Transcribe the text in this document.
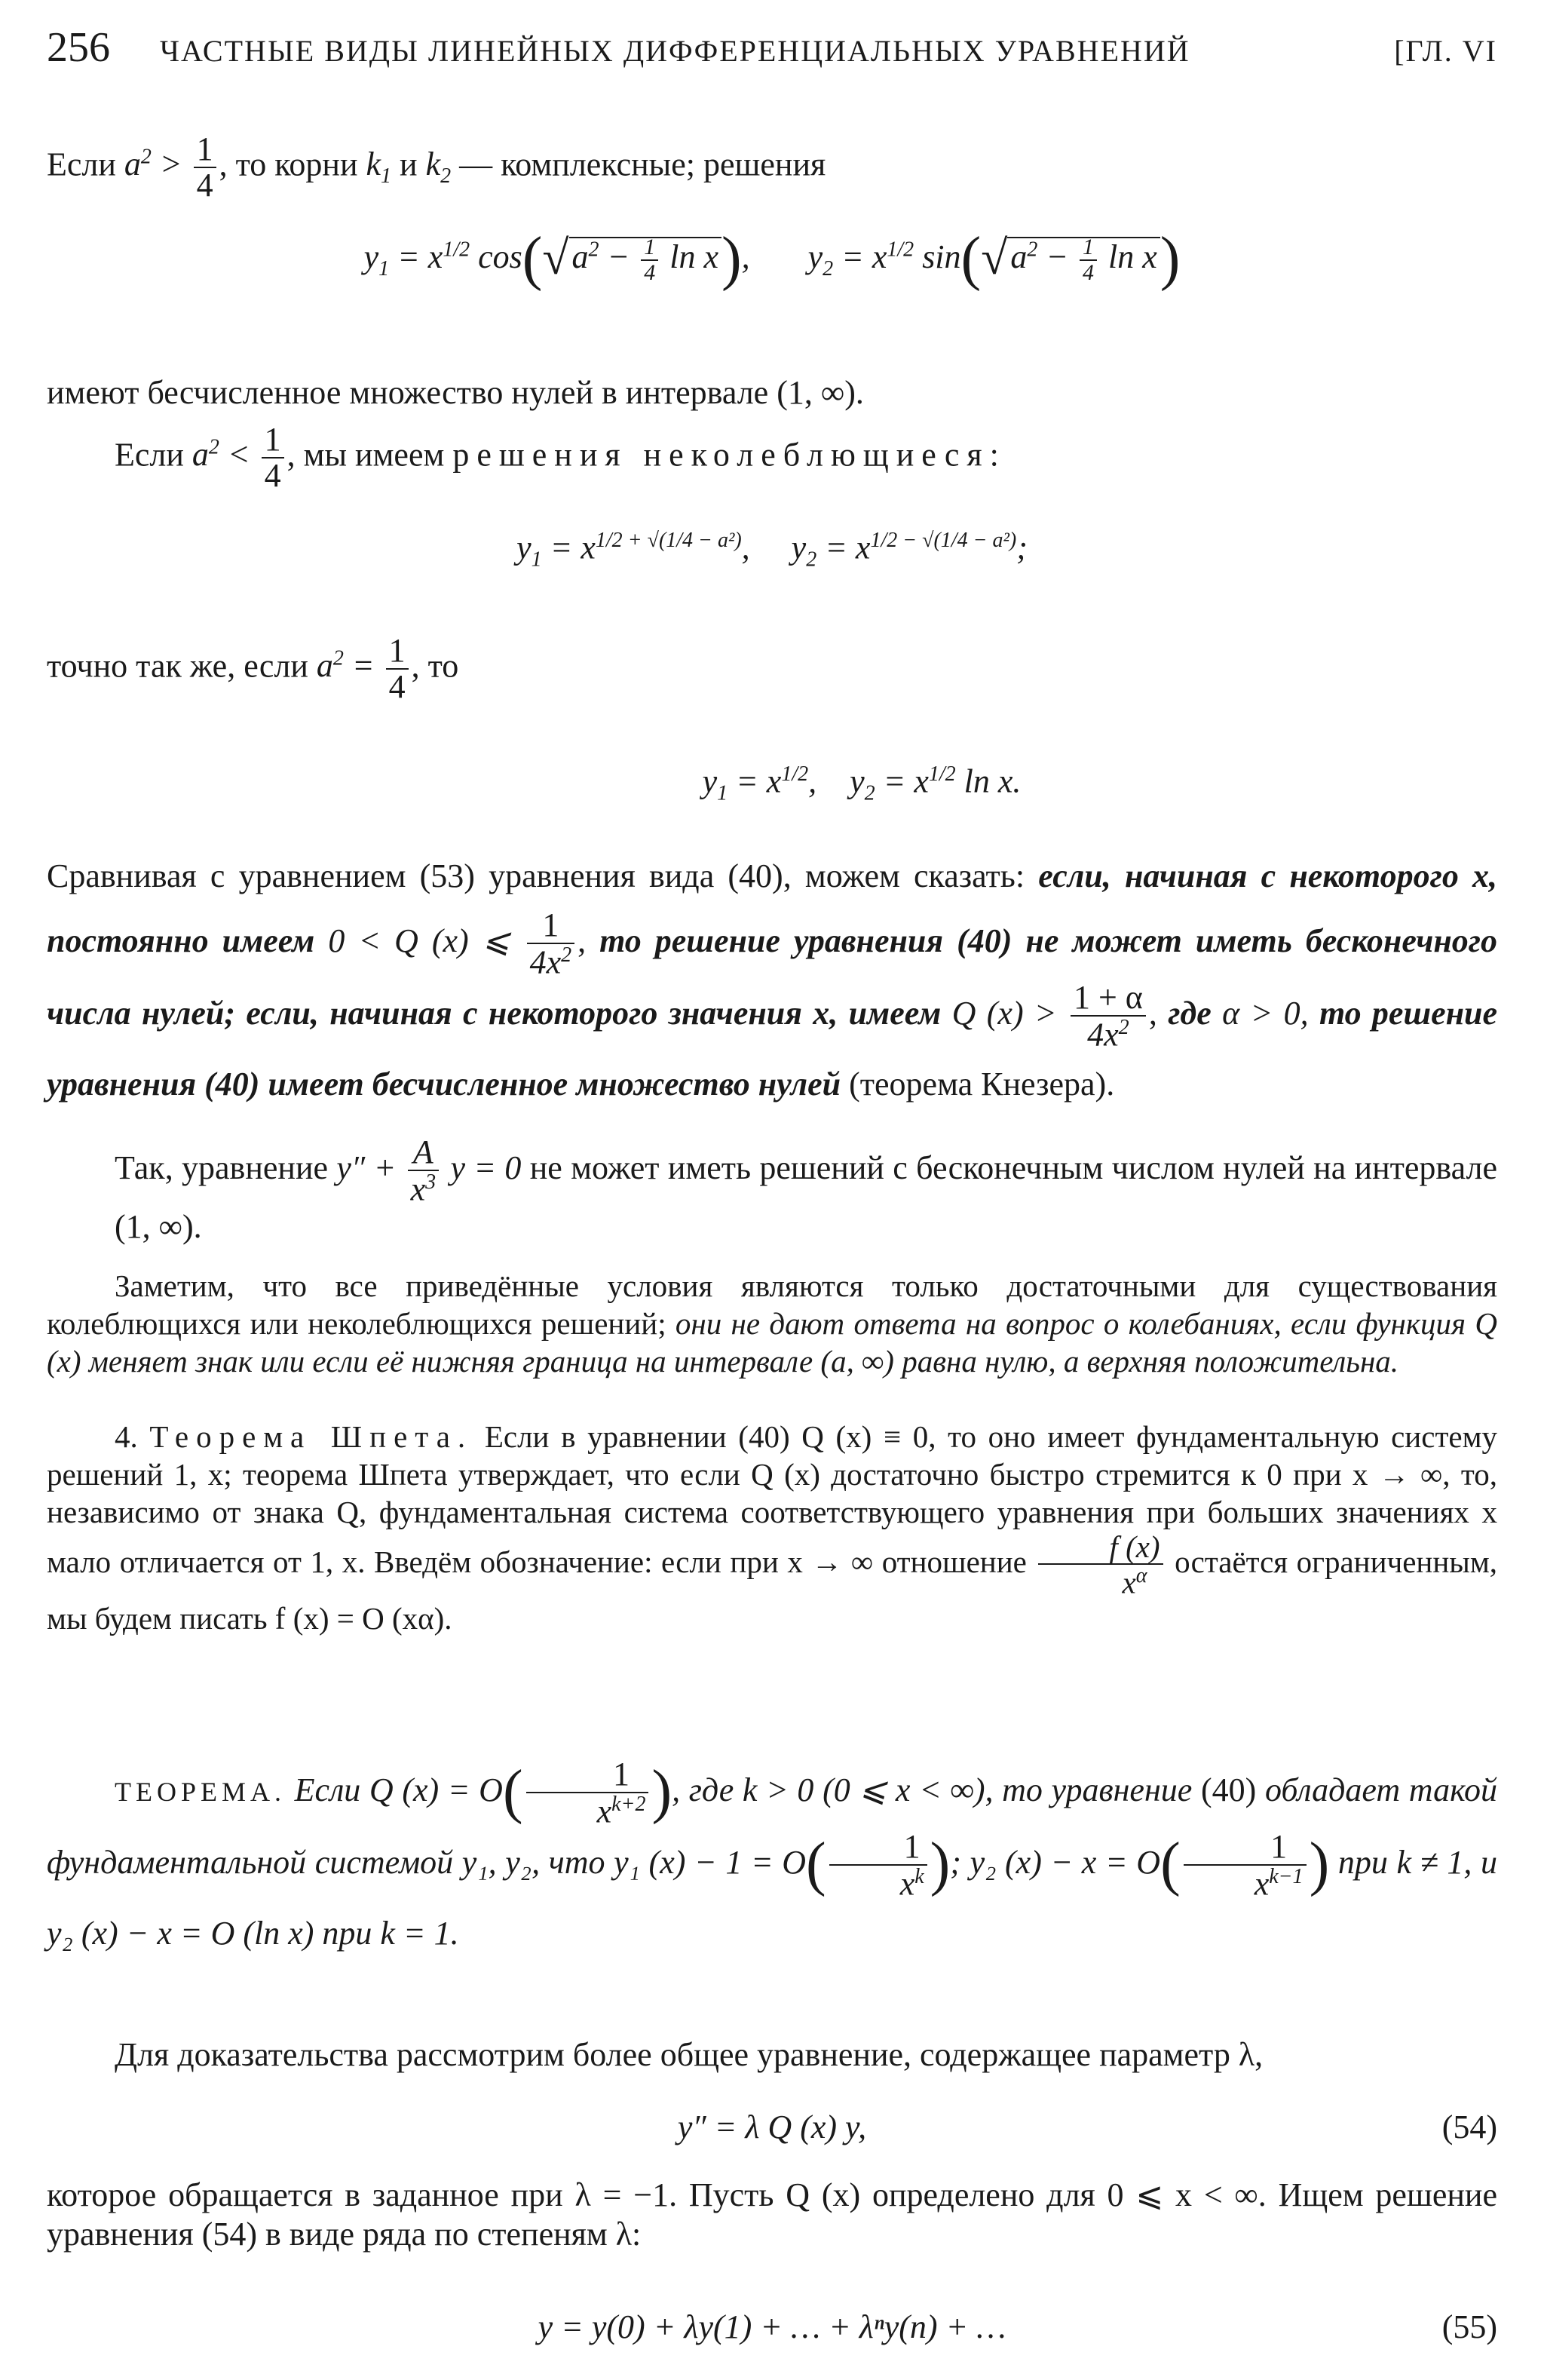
256	ЧАСТНЫЕ ВИДЫ ЛИНЕЙНЫХ ДИФФЕРЕНЦИАЛЬНЫХ УРАВНЕНИЙ	[ГЛ. VI
Если $a^2 > \frac{1}{4}$ , то корни $k_1$ и $k_2$ — комплексные; решения
$y_1 = x^{1/2}$ $\cos(√a^2 - \frac{1}{4}$ ln x),       $y_2 = x^{1/2}$ $\sin(√a^2 - \frac{1}{4}$ ln x)
имеют бесчисленное множество нулей в интервале (1, ∞).
Если $a^2 < \frac{1}{4}$ , мы имеем решения неколеблющиеся:
$y_1 = x^{1/2 + √(1/4 - a^2)}$,     $y_2 = x^{1/2 - √(1/4 - a^2)}$;
точно так же, если $a^2 = \frac{1}{4}$ , то
$y_1 = x^{1/2}$,    $y_2 = x^{1/2}$ ln x.
Сравнивая с уравнением (53) уравнения вида (40), можем сказать: если, начиная с некоторого x, постоянно имеем 0 < Q (x) ⩽ $\frac{1}{4x^2}$ , то решение уравнения (40) не может иметь бесконечного числа нулей; если, начиная с некоторого значения x, имеем Q $(x) > \frac{1 + \alpha}{4x^2}$ , где α > 0, то решение уравнения (40) имеет бесчисленное множество нулей (теорема Кнезера).
Так, уравнение $y'' + \frac{A}{x^3}$ y = 0 не может иметь решений с бесконечным числом нулей на интервале (1, ∞).
Заметим, что все приведённые условия являются только достаточными для существования колеблющихся или неколеблющихся решений; они не дают ответа на вопрос о колебаниях, если функция Q (x) меняет знак или если её нижняя граница на интервале (a, ∞) равна нулю, а верхняя положительна.
4. Теорема Шпета. Если в уравнении (40) Q (x) ≡ 0, то оно имеет фундаментальную систему решений 1, x; теорема Шпета утверждает, что если Q (x) достаточно быстро стремится к 0 при x → ∞, то, независимо от знака Q, фундаментальная система соответствующего уравнения при больших значениях x мало отличается от 1, x. Введём обозначение: если при x → ∞ отношение $\frac{f (x)}{x^\alpha}$ остаётся ограниченным, мы будем писать f (x) = O (xα).
ТЕОРЕМА. Если Q $(x) = O( \frac{1}{x^{k+2}}$ ), где k > 0 (0 ⩽ x < ∞), то уравнение (40) обладает такой фундаментальной системой y₁, y₂, что y₁ $(x) - 1 = O( \frac{1}{x^k}$ ); y₂ $(x) - x = O( \frac{1}{x^{k-1}}$ ) при k ≠ 1, и y₂ (x) − x = O (ln x) при k = 1.
Для доказательства рассмотрим более общее уравнение, содержащее параметр λ,
y″ = λ Q (x) y,	(54)
которое обращается в заданное при λ = −1. Пусть Q (x) определено для 0 ⩽ x < ∞. Ищем решение уравнения (54) в виде ряда по степеням λ:
y = y(0) + λy(1) + … + λⁿy(n) + …	(55)
